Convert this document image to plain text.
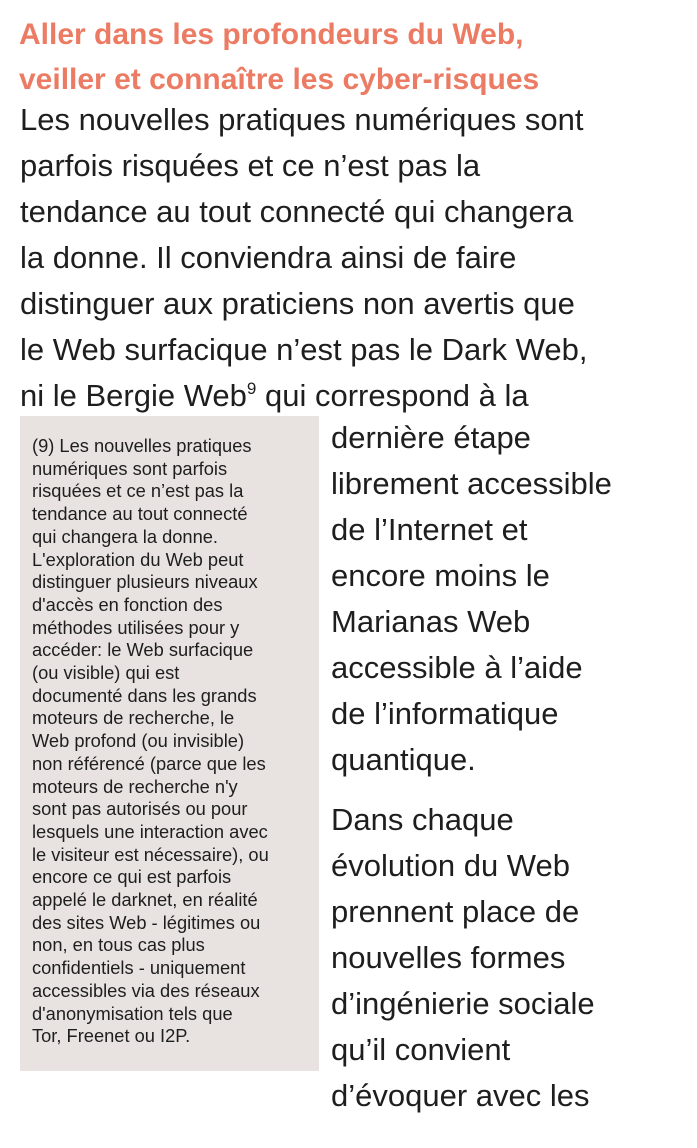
Aller dans les profondeurs du Web,
veiller et connaître les cyber-risques
Les nouvelles pratiques numériques sont
parfois risquées et ce n’est pas la
tendance au tout connecté qui changera
la donne. Il conviendra ainsi de faire
distinguer aux praticiens non avertis que
le Web surfacique n’est pas le Dark Web,
ni le Bergie Web$^9$ qui correspond à la
(9) Les nouvelles pratiques
numériques sont parfois
risquées et ce n’est pas la
tendance au tout connecté
qui changera la donne.
L'exploration du Web peut
distinguer plusieurs niveaux
d'accès en fonction des
méthodes utilisées pour y
accéder: le Web surfacique
(ou visible) qui est
documenté dans les grands
moteurs de recherche, le
Web profond (ou invisible)
non référencé (parce que les
moteurs de recherche n'y
sont pas autorisés ou pour
lesquels une interaction avec
le visiteur est nécessaire), ou
encore ce qui est parfois
appelé le darknet, en réalité
des sites Web - légitimes ou
non, en tous cas plus
confidentiels - uniquement
accessibles via des réseaux
d'anonymisation tels que
Tor, Freenet ou I2P.
dernière étape
librement accessible
de l’Internet et
encore moins le
Marianas Web
accessible à l’aide
de l’informatique
quantique.
Dans chaque
évolution du Web
prennent place de
nouvelles formes
d’ingénierie sociale
qu’il convient
d’évoquer avec les
